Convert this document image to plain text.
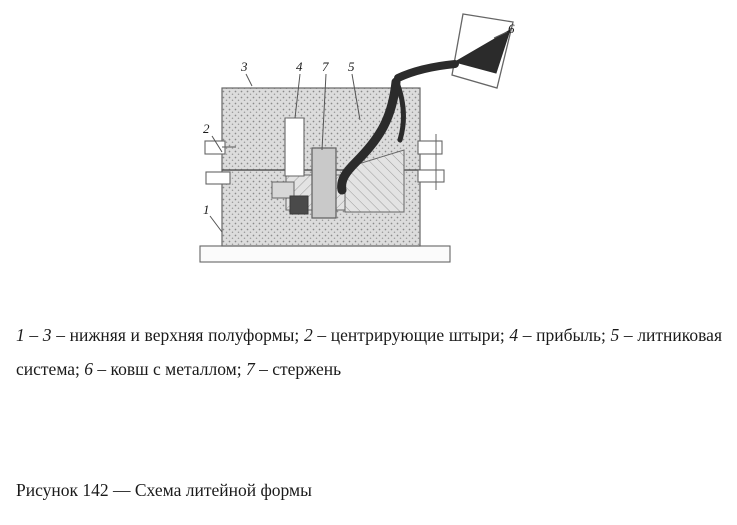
1
2
3	4 7 5
6
1 – 3 – нижняя и верхняя полуформы; 2 – центрирующие штыри; 4 – прибыль; 5 – литниковая система; 6 – ковш с металлом; 7 – стержень
Рисунок 142 — Схема литейной формы
